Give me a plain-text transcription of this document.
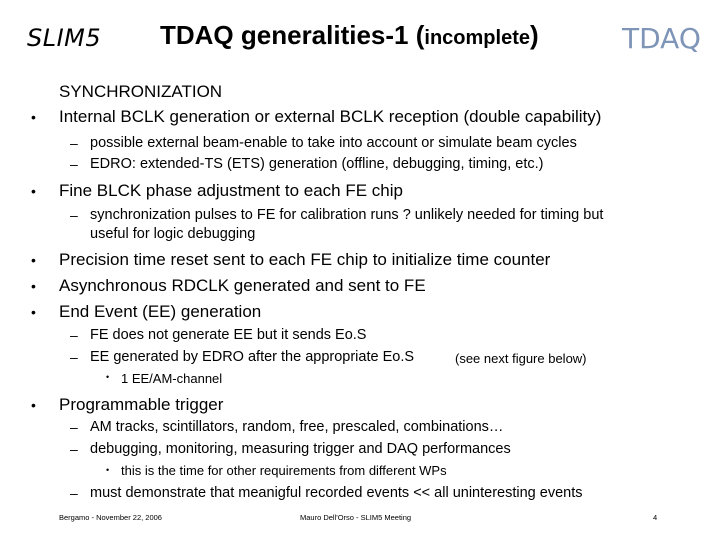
SLIM5 TDAQ generalities-1 (incomplete)	TDAQ
SYNCHRONIZATION
• Internal BCLK generation or external BCLK reception (double capability)
– possible external beam-enable to take into account or simulate beam cycles
– EDRO: extended-TS (ETS) generation (offline, debugging, timing, etc.)
• Fine BLCK phase adjustment to each FE chip
– synchronization pulses to FE for calibration runs ? unlikely needed for timing but
useful for logic debugging
• Precision time reset sent to each FE chip to initialize time counter
• Asynchronous RDCLK generated and sent to FE
• End Event (EE) generation
– FE does not generate EE but it sends Eo.S
– EE generated by EDRO after the appropriate Eo.S	(see next figure below)
• 1 EE/AM-channel
• Programmable trigger
– AM tracks, scintillators, random, free, prescaled, combinations…
– debugging, monitoring, measuring trigger and DAQ performances
• this is the time for other requirements from different WPs
– must demonstrate that meanigful recorded events << all uninteresting events
Bergamo - November 22, 2006	Mauro Dell'Orso - SLIM5 Meeting	4
